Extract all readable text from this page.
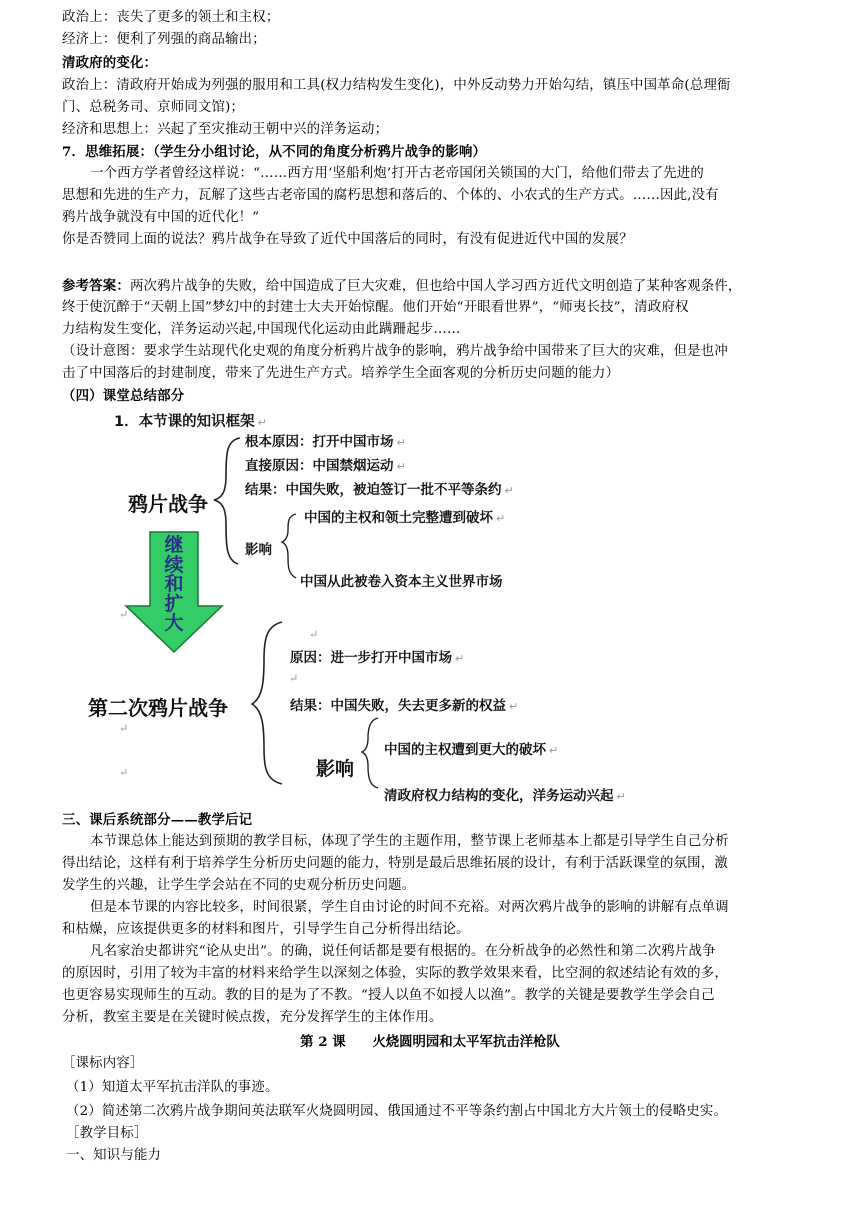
政治上：丧失了更多的领土和主权；
经济上：便利了列强的商品输出；
清政府的变化：
政治上：清政府开始成为列强的服用和工具(权力结构发生变化)，中外反动势力开始勾结，镇压中国革命(总理衙
门、总税务司、京师同文馆)；
经济和思想上：兴起了至灾推动王朝中兴的洋务运动；
7．思维拓展：（学生分小组讨论，从不同的角度分析鸦片战争的影响）
一个西方学者曾经这样说：“……西方用‘坚船利炮’打开古老帝国闭关锁国的大门，给他们带去了先进的
思想和先进的生产力，瓦解了这些古老帝国的腐朽思想和落后的、个体的、小农式的生产方式。……因此,没有
鸦片战争就没有中国的近代化！”
你是否赞同上面的说法？鸦片战争在导致了近代中国落后的同时，有没有促进近代中国的发展？
参考答案：两次鸦片战争的失败，给中国造成了巨大灾难，但也给中国人学习西方近代文明创造了某种客观条件，
终于使沉醉于“天朝上国”梦幻中的封建士大夫开始惊醒。他们开始“开眼看世界”，“师夷长技”，清政府权
力结构发生变化，洋务运动兴起,中国现代化运动由此蹒跚起步……
（设计意图：要求学生站现代化史观的角度分析鸦片战争的影响，鸦片战争给中国带来了巨大的灾难，但是也冲
击了中国落后的封建制度，带来了先进生产方式。培养学生全面客观的分析历史问题的能力）
（四）课堂总结部分
1．本节课的知识框架 ↵
鸦片战争
根本原因：打开中国市场 ↵
直接原因：中国禁烟运动 ↵
结果：中国失败，被迫签订一批不平等条约 ↵
影响
中国的主权和领土完整遭到破坏 ↵
中国从此被卷入资本主义世界市场
继
续
和
扩
大
↵
↵
原因：进一步打开中国市场 ↵
↵
第二次鸦片战争	结果：中国失败，失去更多新的权益 ↵
↵
中国的主权遭到更大的破坏 ↵
影响
↵
清政府权力结构的变化，洋务运动兴起 ↵
三、课后系统部分——教学后记
本节课总体上能达到预期的教学目标，体现了学生的主题作用，整节课上老师基本上都是引导学生自己分析
得出结论，这样有利于培养学生分析历史问题的能力，特别是最后思维拓展的设计，有利于活跃课堂的氛围，激
发学生的兴趣，让学生学会站在不同的史观分析历史问题。
但是本节课的内容比较多，时间很紧，学生自由讨论的时间不充裕。对两次鸦片战争的影响的讲解有点单调
和枯燥，应该提供更多的材料和图片，引导学生自己分析得出结论。
凡名家治史都讲究“论从史出”。的确，说任何话都是要有根据的。在分析战争的必然性和第二次鸦片战争
的原因时，引用了较为丰富的材料来给学生以深刻之体验，实际的教学效果来看，比空洞的叙述结论有效的多，
也更容易实现师生的互动。教的目的是为了不教。“授人以鱼不如授人以渔”。教学的关键是要教学生学会自己
分析，教室主要是在关键时候点拨，充分发挥学生的主体作用。
第 2 课　　火烧圆明园和太平军抗击洋枪队
［课标内容］
（1）知道太平军抗击洋队的事迹。
（2）简述第二次鸦片战争期间英法联军火烧圆明园、俄国通过不平等条约割占中国北方大片领土的侵略史实。
［教学目标］
一、知识与能力
